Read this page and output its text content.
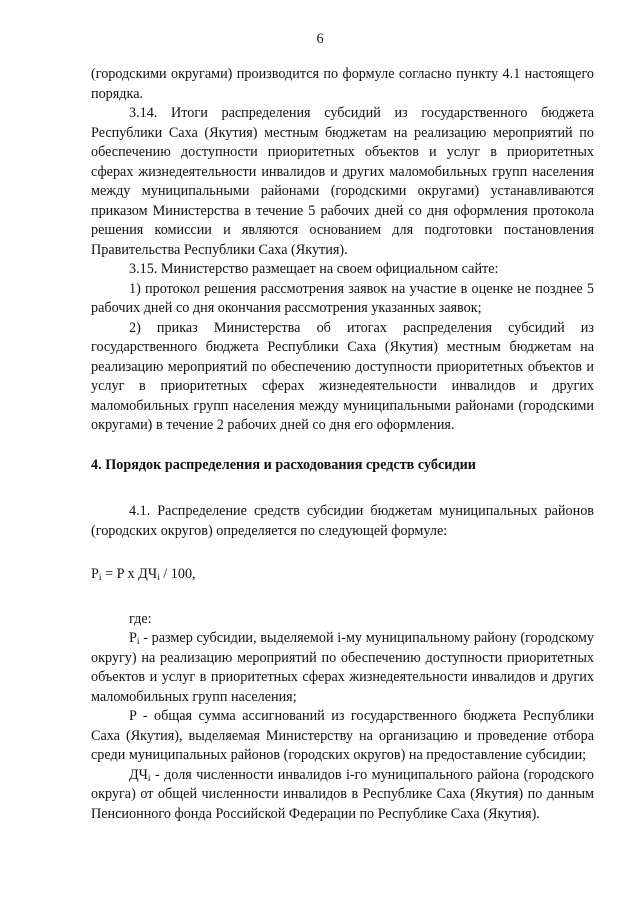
6

(городскими округами) производится по формуле согласно пункту 4.1 настоящего порядка.

3.14. Итоги распределения субсидий из государственного бюджета Республики Саха (Якутия) местным бюджетам на реализацию мероприятий по обеспечению доступности приоритетных объектов и услуг в приоритетных сферах жизнедеятельности инвалидов и других маломобильных групп населения между муниципальными районами (городскими округами) устанавливаются приказом Министерства в течение 5 рабочих дней со дня оформления протокола решения комиссии и являются основанием для подготовки постановления Правительства Республики Саха (Якутия).

3.15. Министерство размещает на своем официальном сайте:

1) протокол решения рассмотрения заявок на участие в оценке не позднее 5 рабочих дней со дня окончания рассмотрения указанных заявок;

2) приказ Министерства об итогах распределения субсидий из государственного бюджета Республики Саха (Якутия) местным бюджетам на реализацию мероприятий по обеспечению доступности приоритетных объектов и услуг в приоритетных сферах жизнедеятельности инвалидов и других маломобильных групп населения между муниципальными районами (городскими округами) в течение 2 рабочих дней со дня его оформления.

4. Порядок распределения и расходования средств субсидии

4.1. Распределение средств субсидии бюджетам муниципальных районов (городских округов) определяется по следующей формуле:

$P_i = P$ x $ДЧ_i / 100$,

где:

$P_i$ - размер субсидии, выделяемой i-му муниципальному району (городскому округу) на реализацию мероприятий по обеспечению доступности приоритетных объектов и услуг в приоритетных сферах жизнедеятельности инвалидов и других маломобильных групп населения;

P - общая сумма ассигнований из государственного бюджета Республики Саха (Якутия), выделяемая Министерству на организацию и проведение отбора среди муниципальных районов (городских округов) на предоставление субсидии;

$ДЧ_i$ - доля численности инвалидов i-го муниципального района (городского округа) от общей численности инвалидов в Республике Саха (Якутия) по данным Пенсионного фонда Российской Федерации по Республике Саха (Якутия).
